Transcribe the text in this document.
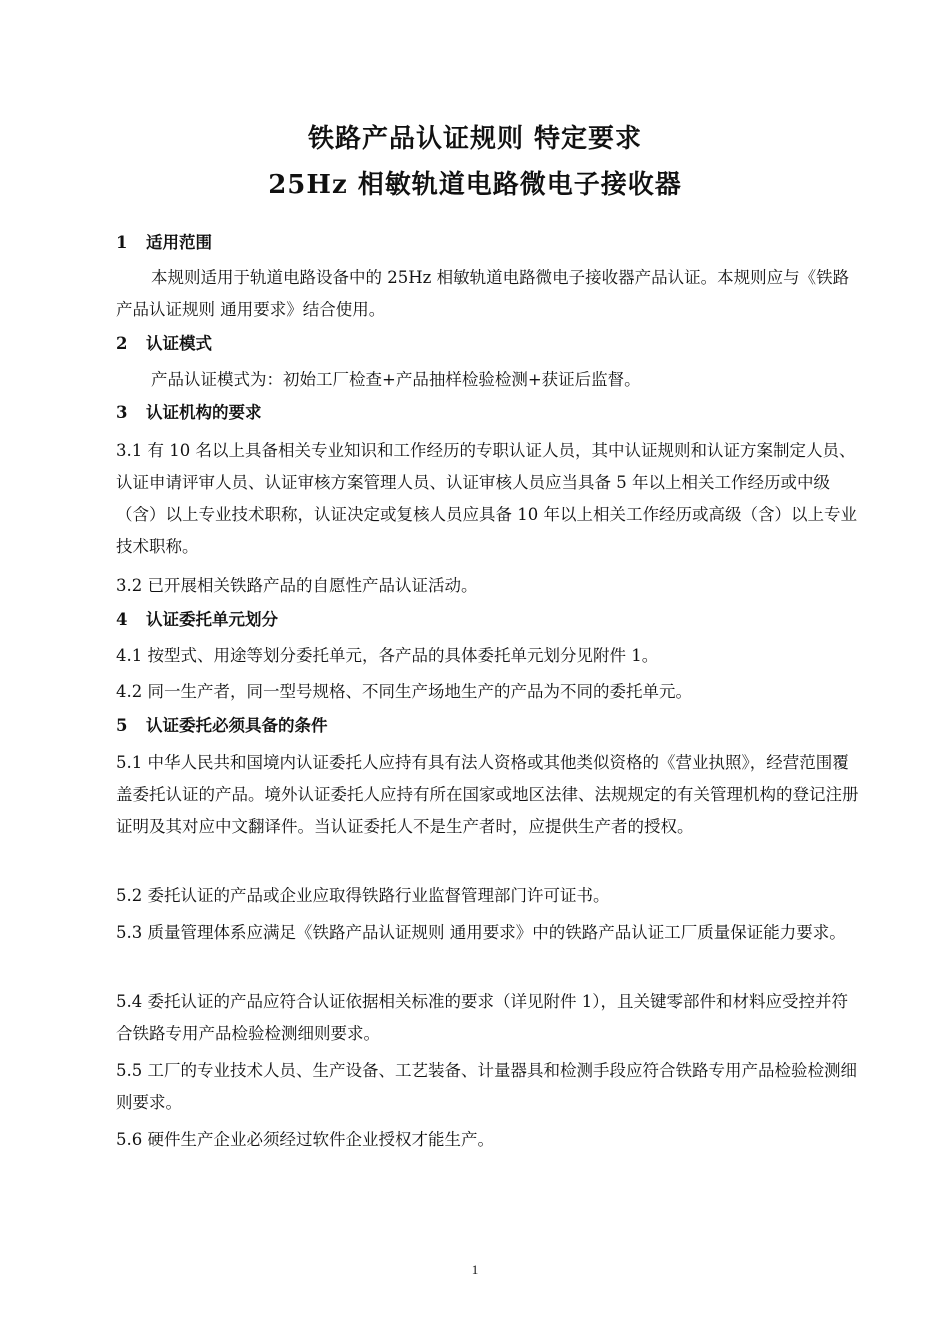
铁路产品认证规则 特定要求
25Hz 相敏轨道电路微电子接收器
1 适用范围
本规则适用于轨道电路设备中的 25Hz 相敏轨道电路微电子接收器产品认证。本规则应与《铁路产品认证规则 通用要求》结合使用。
2 认证模式
产品认证模式为：初始工厂检查+产品抽样检验检测+获证后监督。
3 认证机构的要求
3.1 有 10 名以上具备相关专业知识和工作经历的专职认证人员，其中认证规则和认证方案制定人员、认证申请评审人员、认证审核方案管理人员、认证审核人员应当具备 5 年以上相关工作经历或中级（含）以上专业技术职称，认证决定或复核人员应具备 10 年以上相关工作经历或高级（含）以上专业技术职称。
3.2 已开展相关铁路产品的自愿性产品认证活动。
4 认证委托单元划分
4.1 按型式、用途等划分委托单元，各产品的具体委托单元划分见附件 1。
4.2 同一生产者，同一型号规格、不同生产场地生产的产品为不同的委托单元。
5 认证委托必须具备的条件
5.1 中华人民共和国境内认证委托人应持有具有法人资格或其他类似资格的《营业执照》，经营范围覆盖委托认证的产品。境外认证委托人应持有所在国家或地区法律、法规规定的有关管理机构的登记注册证明及其对应中文翻译件。当认证委托人不是生产者时，应提供生产者的授权。
5.2 委托认证的产品或企业应取得铁路行业监督管理部门许可证书。
5.3 质量管理体系应满足《铁路产品认证规则 通用要求》中的铁路产品认证工厂质量保证能力要求。
5.4 委托认证的产品应符合认证依据相关标准的要求（详见附件 1），且关键零部件和材料应受控并符合铁路专用产品检验检测细则要求。
5.5 工厂的专业技术人员、生产设备、工艺装备、计量器具和检测手段应符合铁路专用产品检验检测细则要求。
5.6 硬件生产企业必须经过软件企业授权才能生产。
1
